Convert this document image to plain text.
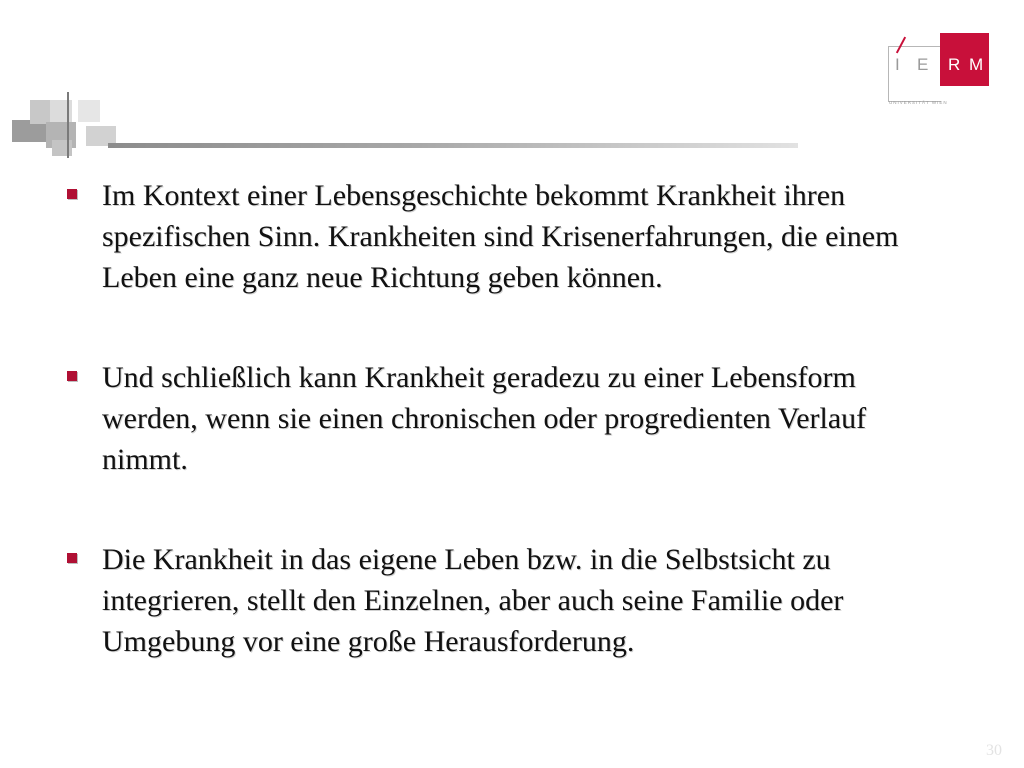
I E R M
UNIVERSITÄT WIEN
Im Kontext einer Lebensgeschichte bekommt Krankheit ihren spezifischen Sinn. Krankheiten sind Krisenerfahrungen, die einem Leben eine ganz neue Richtung geben können.
Und schließlich kann Krankheit geradezu zu einer Lebensform werden, wenn sie einen chronischen oder progredienten Verlauf nimmt.
Die Krankheit in das eigene Leben bzw. in die Selbstsicht zu integrieren, stellt den Einzelnen, aber auch seine Familie oder Umgebung vor eine große Herausforderung.
30
